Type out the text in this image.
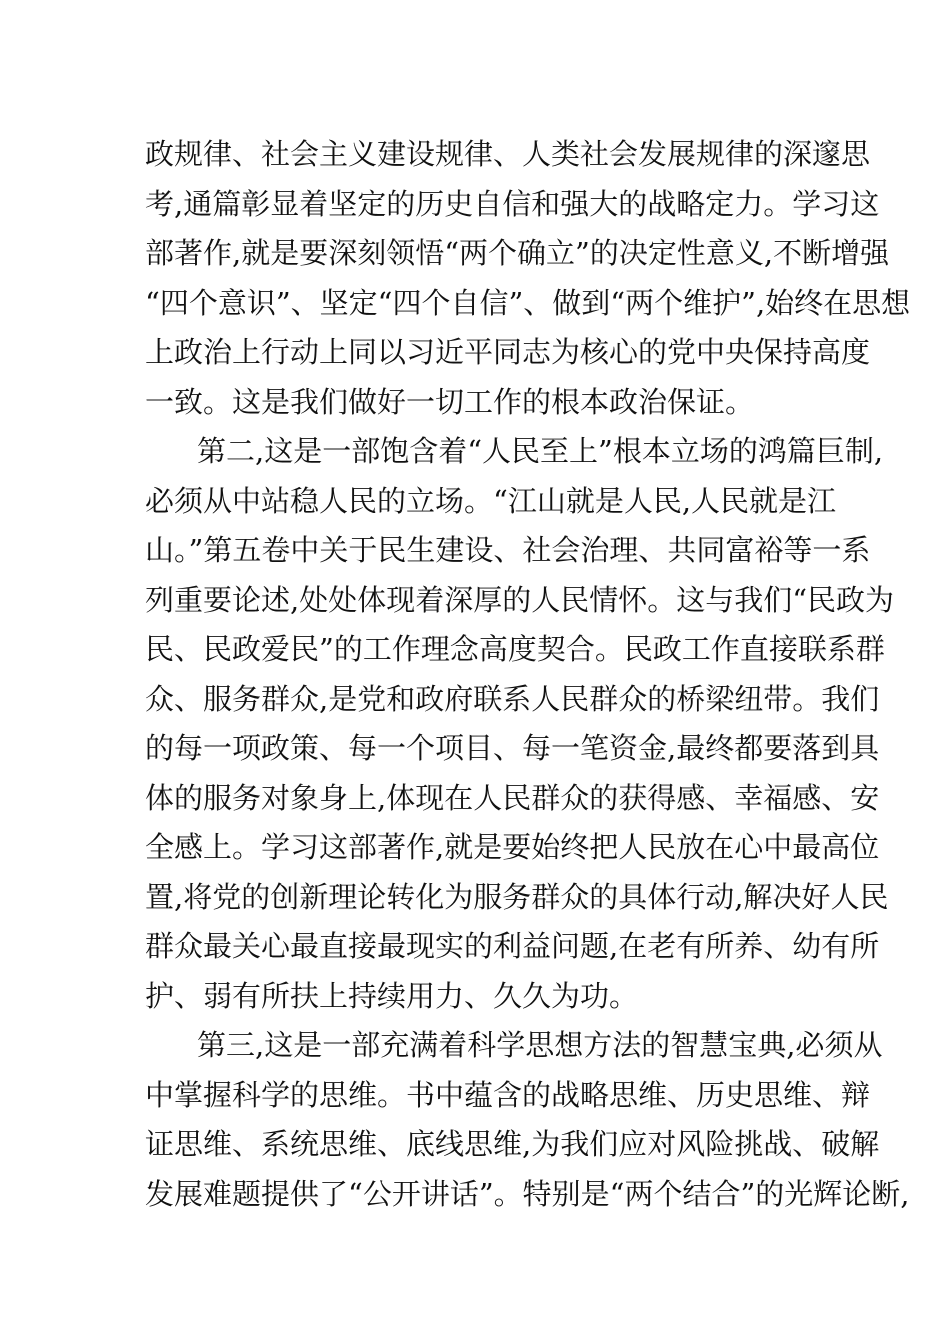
政规律、社会主义建设规律、人类社会发展规律的深邃思
考,通篇彰显着坚定的历史自信和强大的战略定力。学习这
部著作,就是要深刻领悟“两个确立”的决定性意义,不断增强
“四个意识”、坚定“四个自信”、做到“两个维护”,始终在思想
上政治上行动上同以习近平同志为核心的党中央保持高度
一致。这是我们做好一切工作的根本政治保证。
第二,这是一部饱含着“人民至上”根本立场的鸿篇巨制,
必须从中站稳人民的立场。“江山就是人民,人民就是江
山。”第五卷中关于民生建设、社会治理、共同富裕等一系
列重要论述,处处体现着深厚的人民情怀。这与我们“民政为
民、民政爱民”的工作理念高度契合。民政工作直接联系群
众、服务群众,是党和政府联系人民群众的桥梁纽带。我们
的每一项政策、每一个项目、每一笔资金,最终都要落到具
体的服务对象身上,体现在人民群众的获得感、幸福感、安
全感上。学习这部著作,就是要始终把人民放在心中最高位
置,将党的创新理论转化为服务群众的具体行动,解决好人民
群众最关心最直接最现实的利益问题,在老有所养、幼有所
护、弱有所扶上持续用力、久久为功。
第三,这是一部充满着科学思想方法的智慧宝典,必须从
中掌握科学的思维。书中蕴含的战略思维、历史思维、辩
证思维、系统思维、底线思维,为我们应对风险挑战、破解
发展难题提供了“公开讲话”。特别是“两个结合”的光辉论断,
